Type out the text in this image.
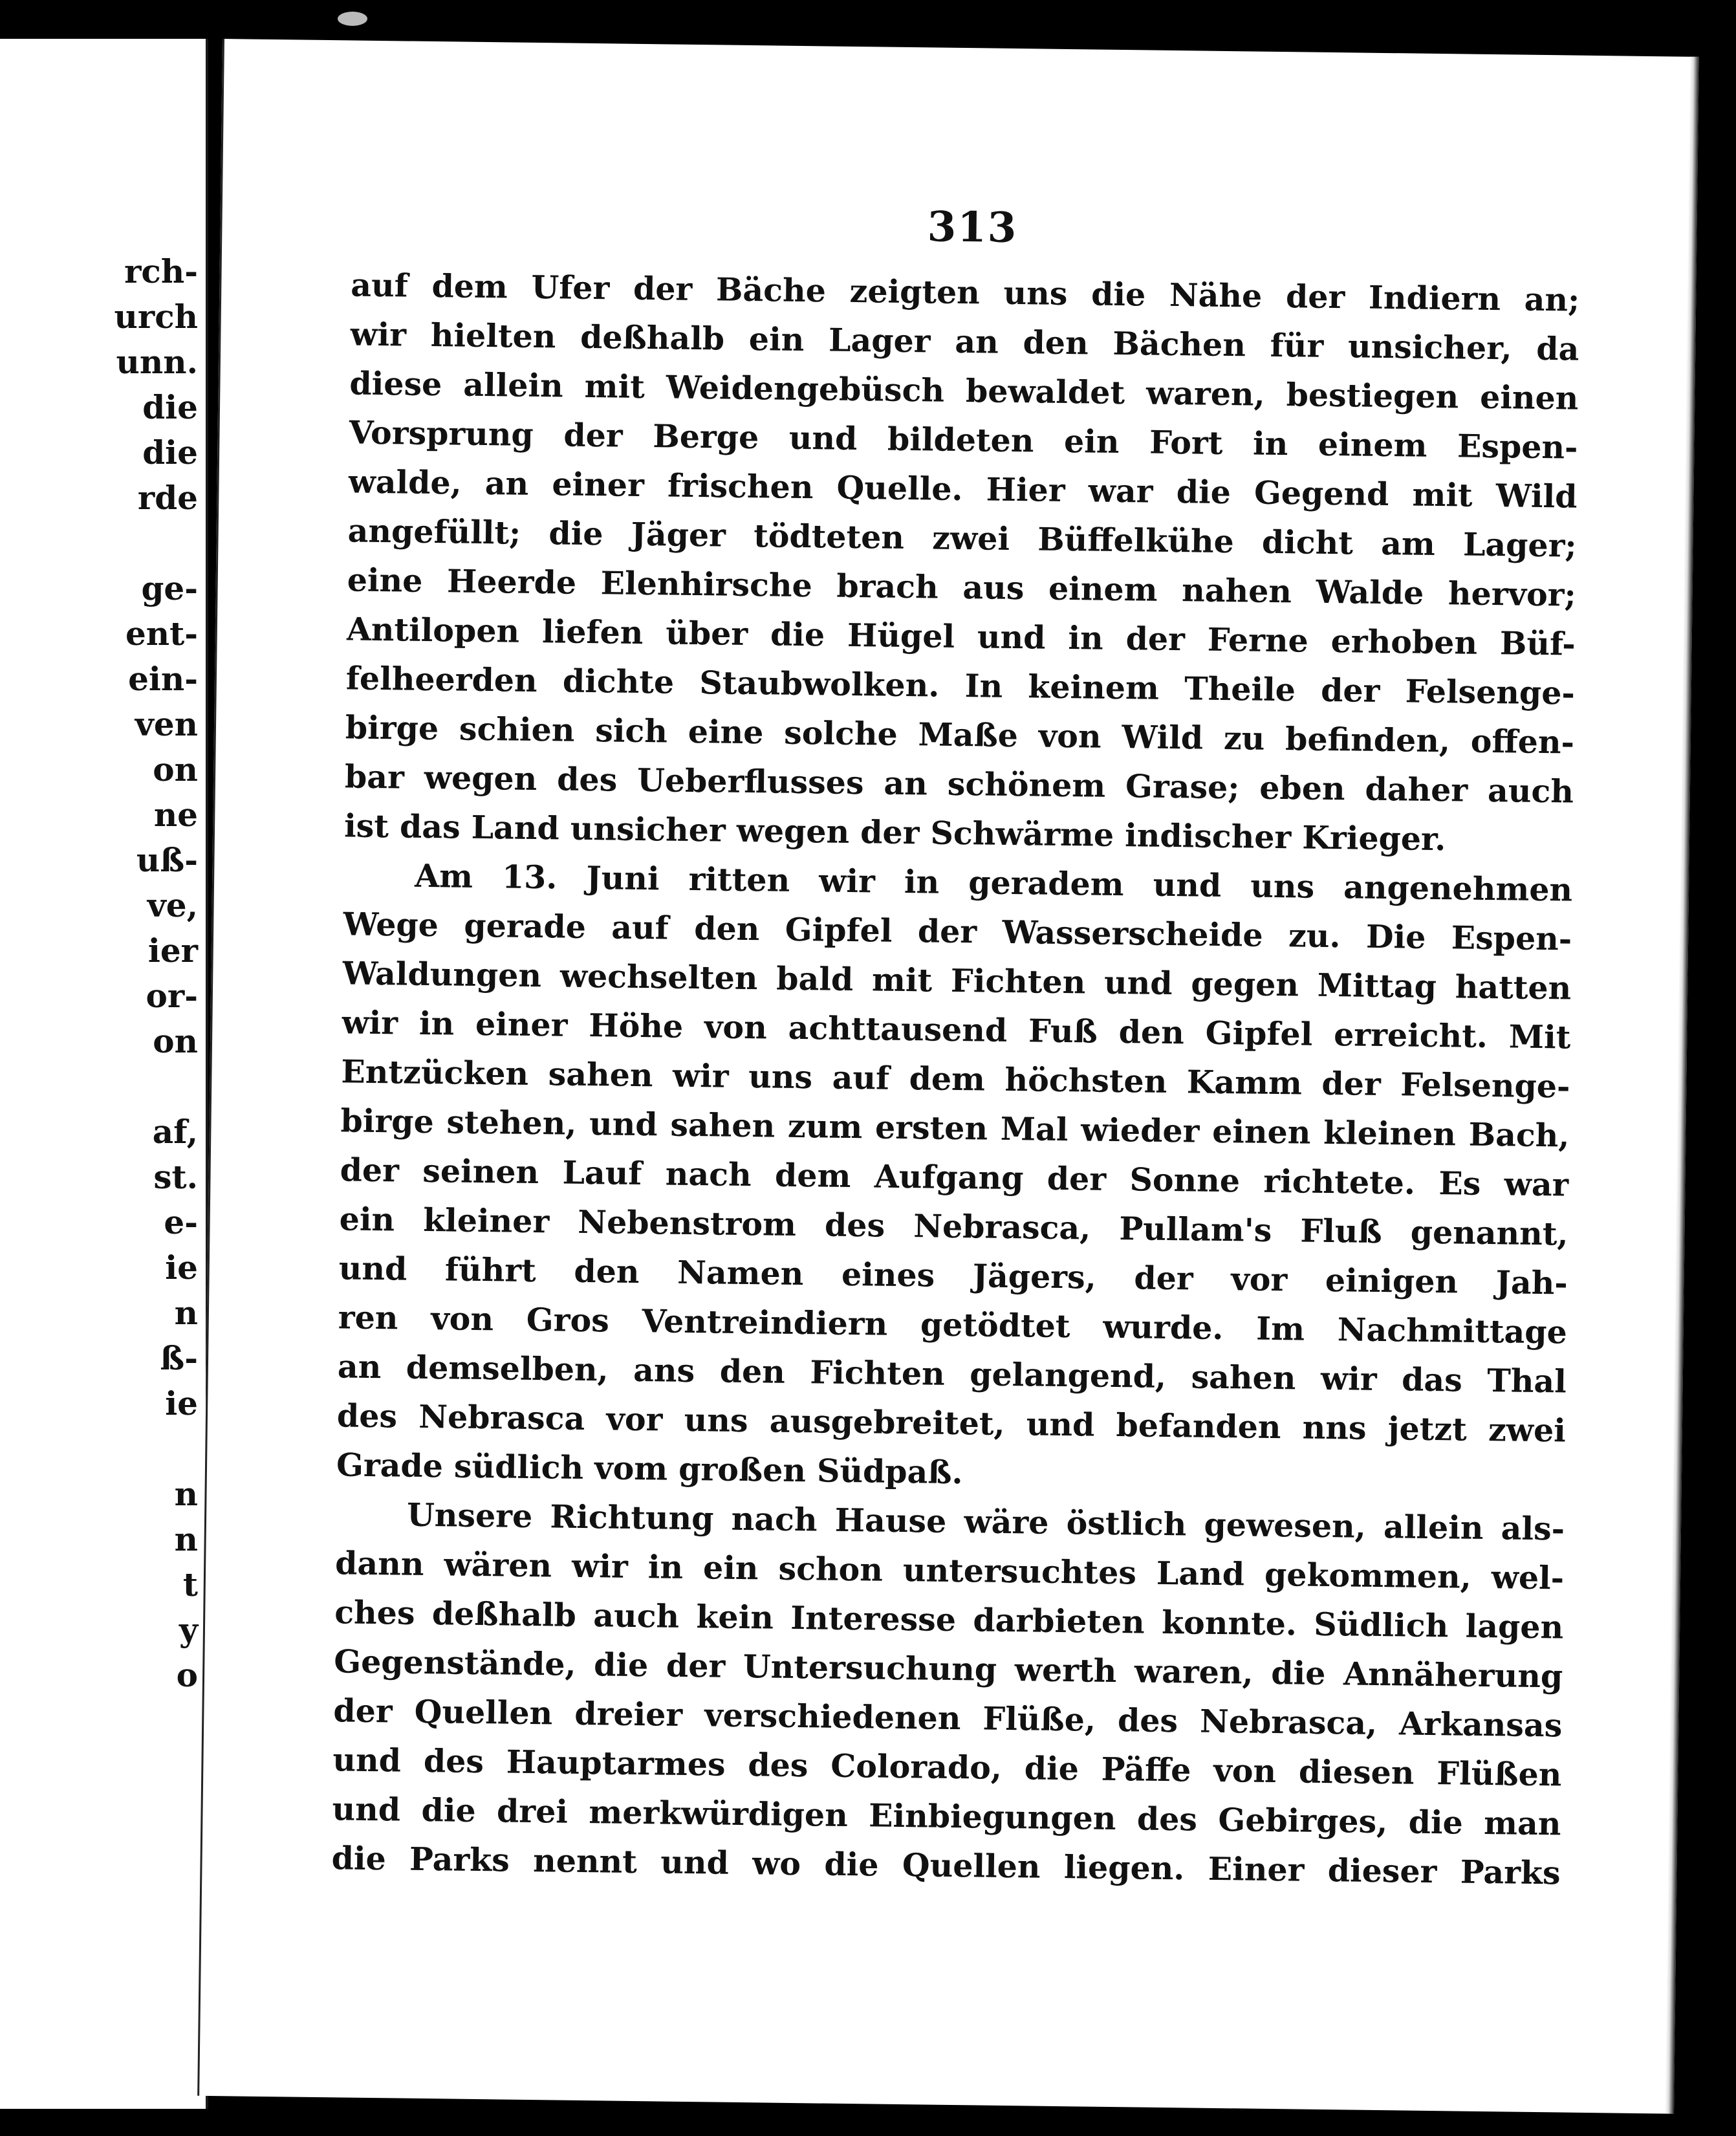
rch-
urch
unn.
die
die
rde
ge-
ent-
ein-
ven
on
ne
uß-
ve,
ier
or-
on
af,
st.
e-
ie
n
ß-
ie
n
n
t
y
o
313
auf dem Ufer der Bäche zeigten uns die Nähe der Indiern an;
wir hielten deßhalb ein Lager an den Bächen für unsicher, da
diese allein mit Weidengebüsch bewaldet waren, bestiegen einen
Vorsprung der Berge und bildeten ein Fort in einem Espen-
walde, an einer frischen Quelle. Hier war die Gegend mit Wild
angefüllt; die Jäger tödteten zwei Büffelkühe dicht am Lager;
eine Heerde Elenhirsche brach aus einem nahen Walde hervor;
Antilopen liefen über die Hügel und in der Ferne erhoben Büf-
felheerden dichte Staubwolken. In keinem Theile der Felsenge-
birge schien sich eine solche Maße von Wild zu befinden, offen-
bar wegen des Ueberflusses an schönem Grase; eben daher auch
ist das Land unsicher wegen der Schwärme indischer Krieger.
Am 13. Juni ritten wir in geradem und uns angenehmen
Wege gerade auf den Gipfel der Wasserscheide zu. Die Espen-
Waldungen wechselten bald mit Fichten und gegen Mittag hatten
wir in einer Höhe von achttausend Fuß den Gipfel erreicht. Mit
Entzücken sahen wir uns auf dem höchsten Kamm der Felsenge-
birge stehen, und sahen zum ersten Mal wieder einen kleinen Bach,
der seinen Lauf nach dem Aufgang der Sonne richtete. Es war
ein kleiner Nebenstrom des Nebrasca, Pullam's Fluß genannt,
und führt den Namen eines Jägers, der vor einigen Jah-
ren von Gros Ventreindiern getödtet wurde. Im Nachmittage
an demselben, ans den Fichten gelangend, sahen wir das Thal
des Nebrasca vor uns ausgebreitet, und befanden nns jetzt zwei
Grade südlich vom großen Südpaß.
Unsere Richtung nach Hause wäre östlich gewesen, allein als-
dann wären wir in ein schon untersuchtes Land gekommen, wel-
ches deßhalb auch kein Interesse darbieten konnte. Südlich lagen
Gegenstände, die der Untersuchung werth waren, die Annäherung
der Quellen dreier verschiedenen Flüße, des Nebrasca, Arkansas
und des Hauptarmes des Colorado, die Päffe von diesen Flüßen
und die drei merkwürdigen Einbiegungen des Gebirges, die man
die Parks nennt und wo die Quellen liegen. Einer dieser Parks
